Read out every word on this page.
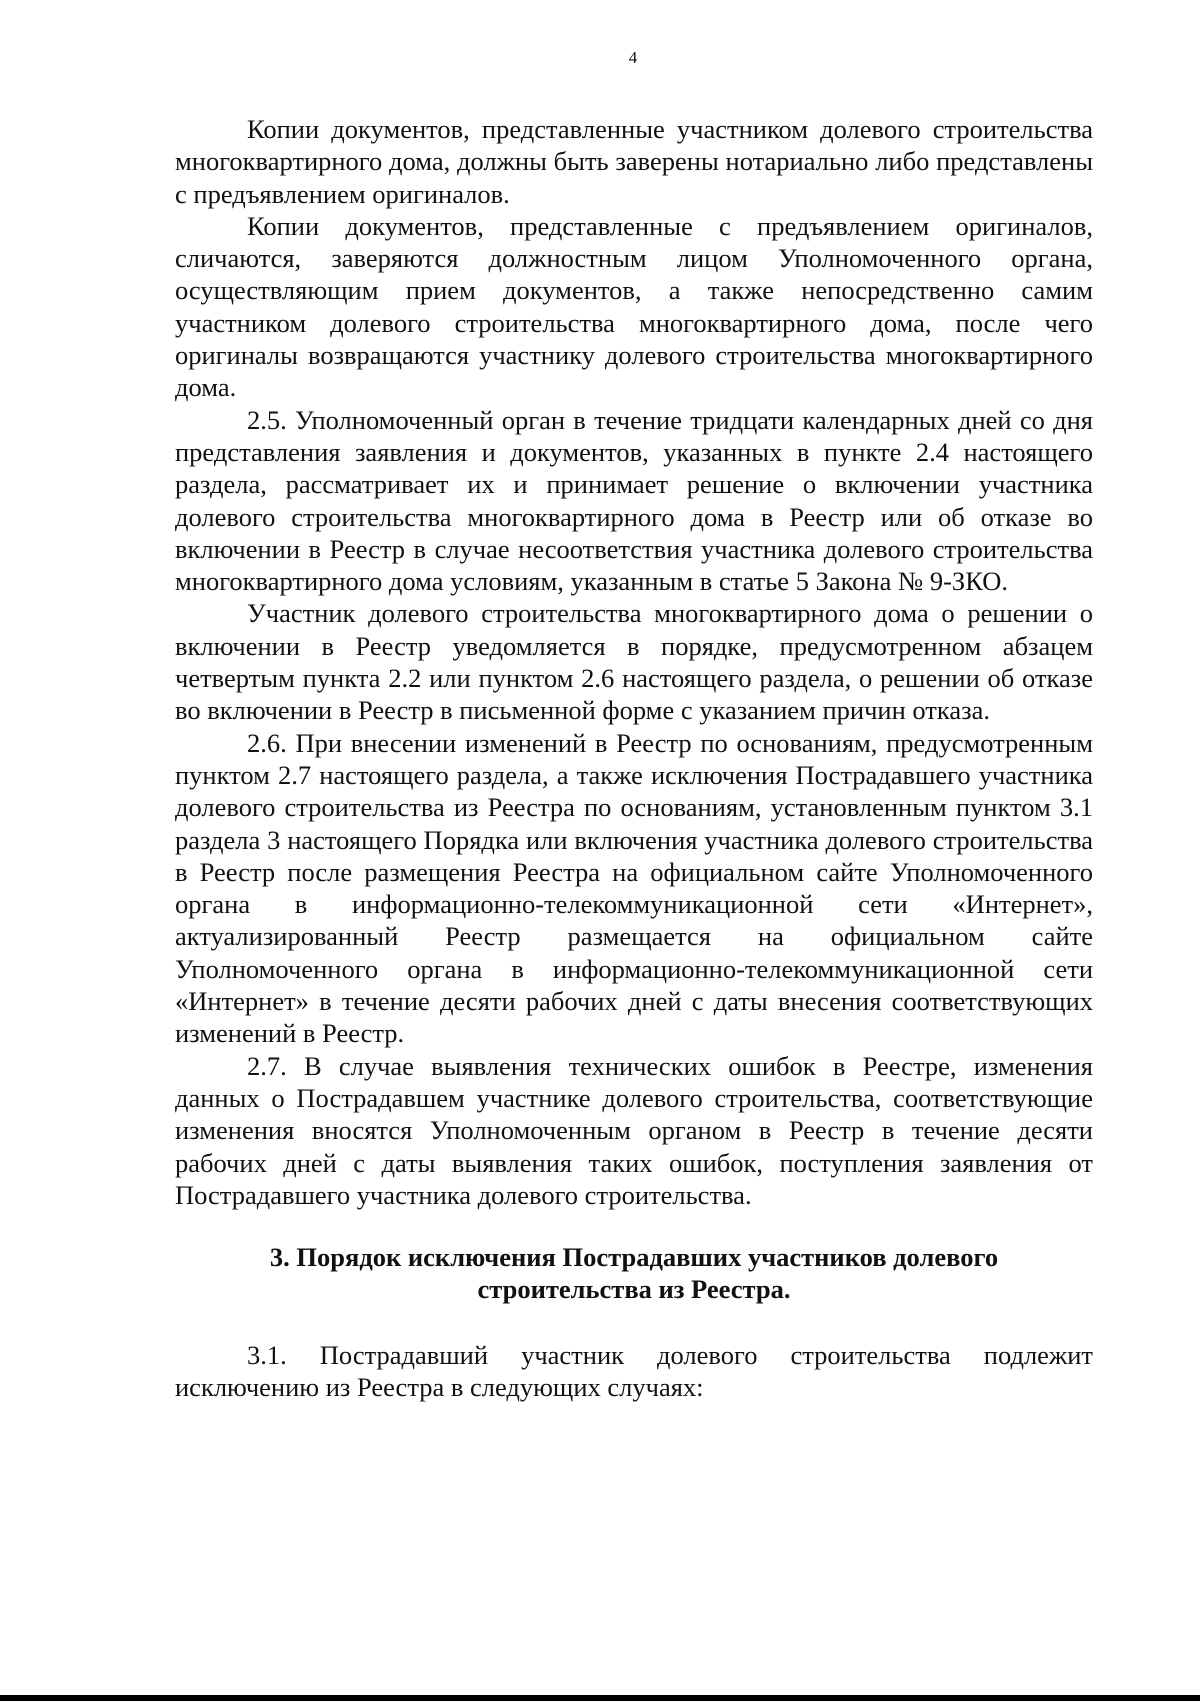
4

Копии документов, представленные участником долевого строительства многоквартирного дома, должны быть заверены нотариально либо представлены с предъявлением оригиналов.

Копии документов, представленные с предъявлением оригиналов, сличаются, заверяются должностным лицом Уполномоченного органа, осуществляющим прием документов, а также непосредственно самим участником долевого строительства многоквартирного дома, после чего оригиналы возвращаются участнику долевого строительства многоквартирного дома.

2.5. Уполномоченный орган в течение тридцати календарных дней со дня представления заявления и документов, указанных в пункте 2.4 настоящего раздела, рассматривает их и принимает решение о включении участника долевого строительства многоквартирного дома в Реестр или об отказе во включении в Реестр в случае несоответствия участника долевого строительства многоквартирного дома условиям, указанным в статье 5 Закона № 9-ЗКО.

Участник долевого строительства многоквартирного дома о решении о включении в Реестр уведомляется в порядке, предусмотренном абзацем четвертым пункта 2.2 или пунктом 2.6 настоящего раздела, о решении об отказе во включении в Реестр в письменной форме с указанием причин отказа.

2.6. При внесении изменений в Реестр по основаниям, предусмотренным пунктом 2.7 настоящего раздела, а также исключения Пострадавшего участника долевого строительства из Реестра по основаниям, установленным пунктом 3.1 раздела 3 настоящего Порядка или включения участника долевого строительства в Реестр после размещения Реестра на официальном сайте Уполномоченного органа в информационно-телекоммуникационной сети «Интернет», актуализированный Реестр размещается на официальном сайте Уполномоченного органа в информационно-телекоммуникационной сети «Интернет» в течение десяти рабочих дней с даты внесения соответствующих изменений в Реестр.

2.7. В случае выявления технических ошибок в Реестре, изменения данных о Пострадавшем участнике долевого строительства, соответствующие изменения вносятся Уполномоченным органом в Реестр в течение десяти рабочих дней с даты выявления таких ошибок, поступления заявления от Пострадавшего участника долевого строительства.

3. Порядок исключения Пострадавших участников долевого
строительства из Реестра.

3.1. Пострадавший участник долевого строительства подлежит исключению из Реестра в следующих случаях:
